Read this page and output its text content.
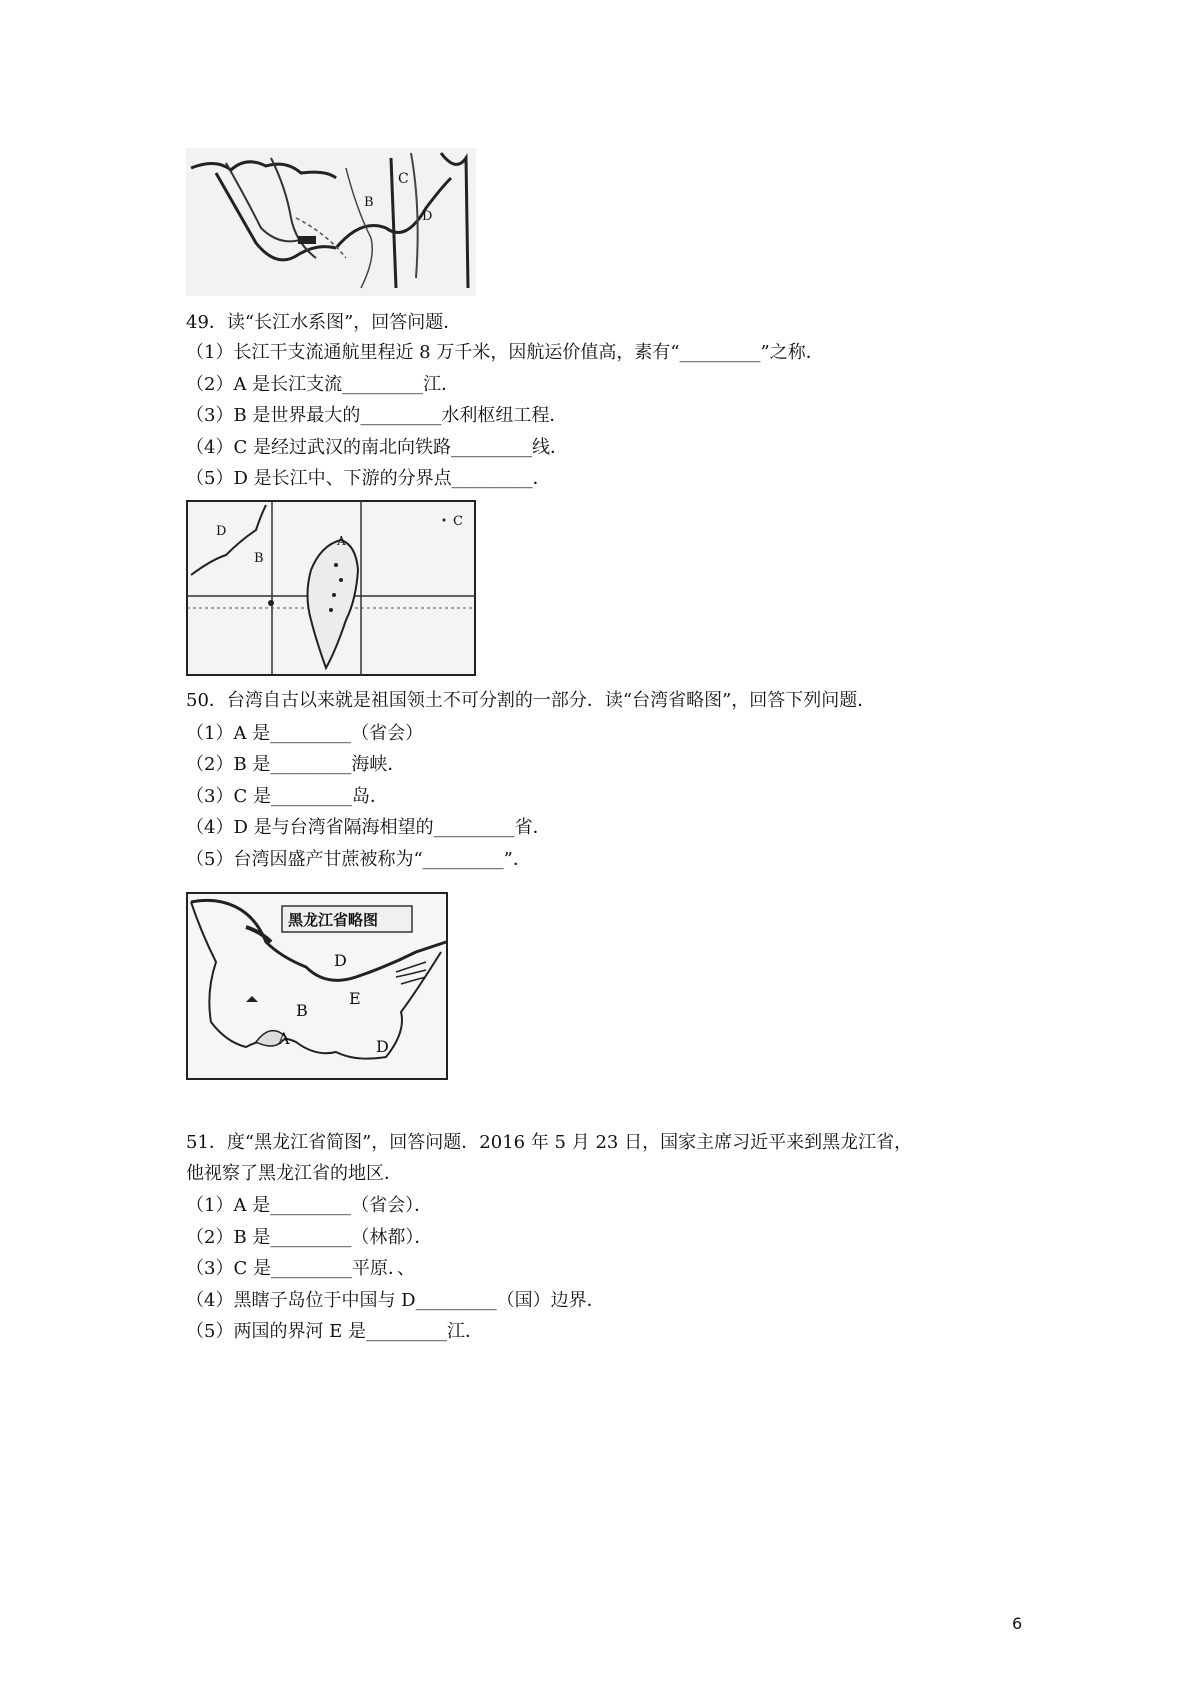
C
B
D
49．读“长江水系图”，回答问题．
（1）长江干支流通航里程近 8 万千米，因航运价值高，素有“_________”之称．
（2）A 是长江支流_________江．
（3）B 是世界最大的_________水利枢纽工程．
（4）C 是经过武汉的南北向铁路_________线．
（5）D 是长江中、下游的分界点_________．
D
B
A
C
50．台湾自古以来就是祖国领土不可分割的一部分．读“台湾省略图”，回答下列问题．
（1）A 是_________（省会）
（2）B 是_________海峡．
（3）C 是_________岛．
（4）D 是与台湾省隔海相望的_________省．
（5）台湾因盛产甘蔗被称为“_________”．
黑龙江省略图
D
E
B
A	D
51．度“黑龙江省简图”，回答问题．2016 年 5 月 23 日，国家主席习近平来到黑龙江省，
他视察了黑龙江省的地区．
（1）A 是_________（省会）．
（2）B 是_________（林都）．
（3）C 是_________平原．、
（4）黑瞎子岛位于中国与 D_________（国）边界．
（5）两国的界河 E 是_________江．
6
